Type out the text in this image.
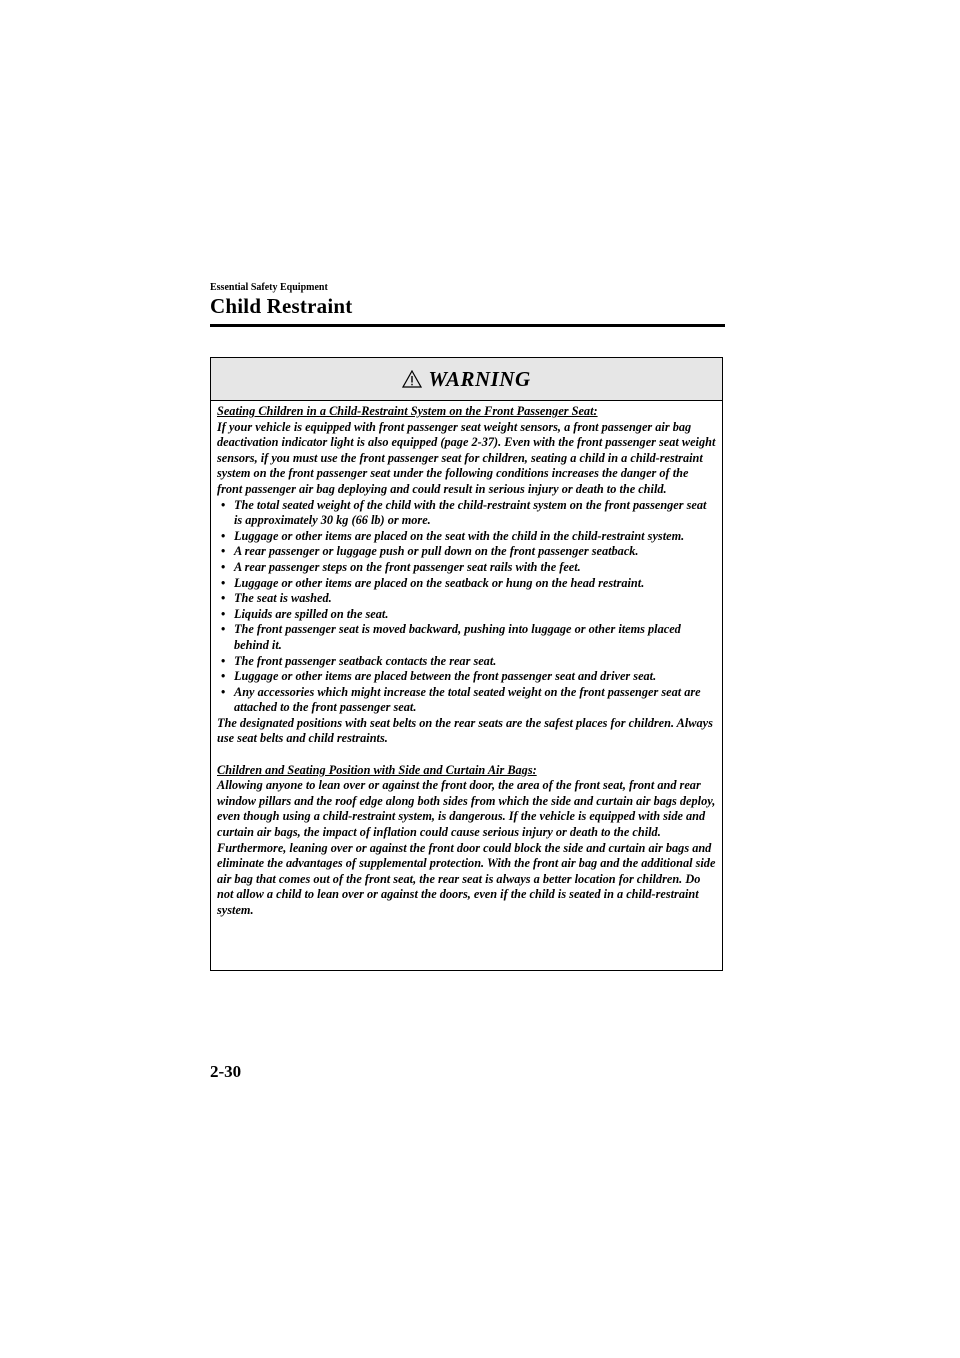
Essential Safety Equipment
Child Restraint
WARNING

Seating Children in a Child-Restraint System on the Front Passenger Seat:

If your vehicle is equipped with front passenger seat weight sensors, a front passenger air bag deactivation indicator light is also equipped (page 2-37). Even with the front passenger seat weight sensors, if you must use the front passenger seat for children, seating a child in a child-restraint system on the front passenger seat under the following conditions increases the danger of the front passenger air bag deploying and could result in serious injury or death to the child.

• The total seated weight of the child with the child-restraint system on the front passenger seat is approximately 30 kg (66 lb) or more.
• Luggage or other items are placed on the seat with the child in the child-restraint system.
• A rear passenger or luggage push or pull down on the front passenger seatback.
• A rear passenger steps on the front passenger seat rails with the feet.
• Luggage or other items are placed on the seatback or hung on the head restraint.
• The seat is washed.
• Liquids are spilled on the seat.
• The front passenger seat is moved backward, pushing into luggage or other items placed behind it.
• The front passenger seatback contacts the rear seat.
• Luggage or other items are placed between the front passenger seat and driver seat.
• Any accessories which might increase the total seated weight on the front passenger seat are attached to the front passenger seat.

The designated positions with seat belts on the rear seats are the safest places for children. Always use seat belts and child restraints.

Children and Seating Position with Side and Curtain Air Bags:

Allowing anyone to lean over or against the front door, the area of the front seat, front and rear window pillars and the roof edge along both sides from which the side and curtain air bags deploy, even though using a child-restraint system, is dangerous. If the vehicle is equipped with side and curtain air bags, the impact of inflation could cause serious injury or death to the child. Furthermore, leaning over or against the front door could block the side and curtain air bags and eliminate the advantages of supplemental protection. With the front air bag and the additional side air bag that comes out of the front seat, the rear seat is always a better location for children. Do not allow a child to lean over or against the doors, even if the child is seated in a child-restraint system.

2-30
